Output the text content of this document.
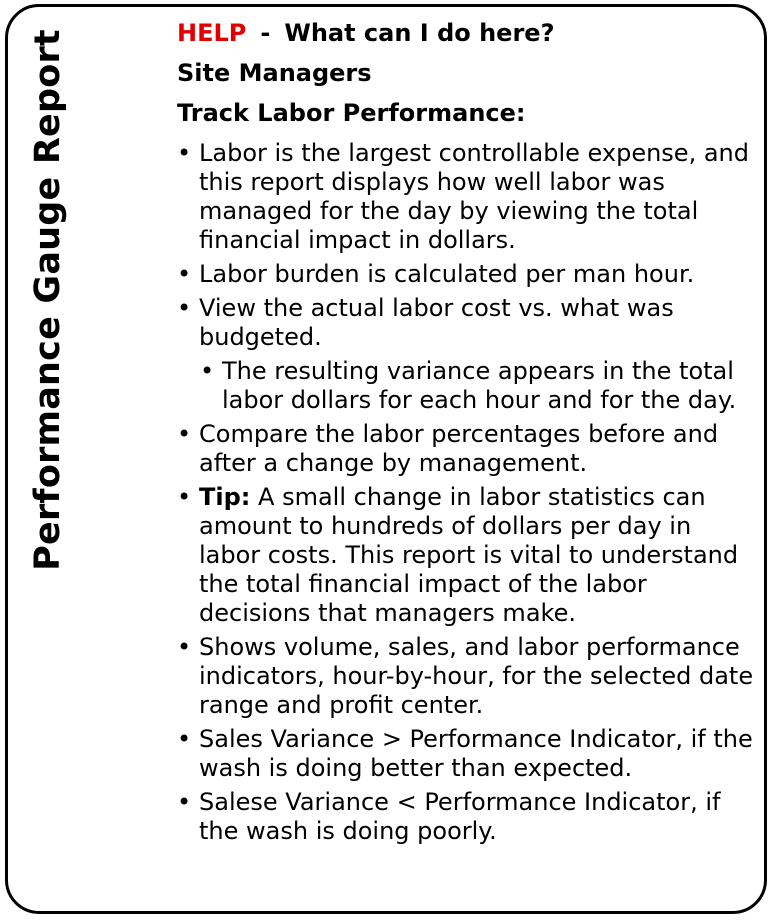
Performance Gauge Report	HELP - What can I do here?
Site Managers
Track Labor Performance:
• Labor is the largest controllable expense, and this report displays how well labor was managed for the day by viewing the total financial impact in dollars.
• Labor burden is calculated per man hour.
• View the actual labor cost vs. what was budgeted.
• The resulting variance appears in the total labor dollars for each hour and for the day.
• Compare the labor percentages before and after a change by management.
• Tip: A small change in labor statistics can amount to hundreds of dollars per day in labor costs. This report is vital to understand the total financial impact of the labor decisions that managers make.
• Shows volume, sales, and labor performance indicators, hour-by-hour, for the selected date range and profit center.
• Sales Variance > Performance Indicator, if the wash is doing better than expected.
• Salese Variance < Performance Indicator, if the wash is doing poorly.
